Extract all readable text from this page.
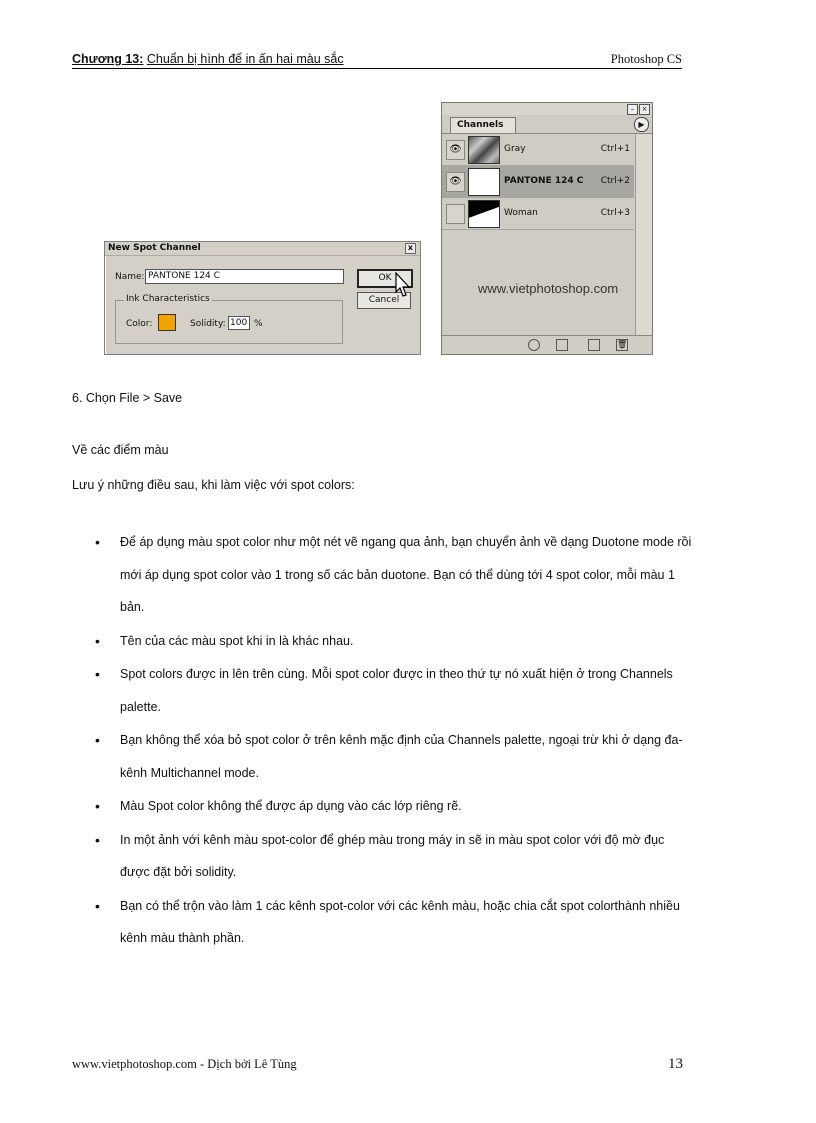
Chương 13: Chuẩn bị hình để in ấn hai màu sắc	Photoshop CS
New Spot Channel	x
Name: PANTONE 124 C	OK
Cancel
Ink Characteristics
Color:	Solidity: 100 %
–	×
Channels	▶
👁	Gray	Ctrl+1
👁	PANTONE 124 C Ctrl+2
Woman	Ctrl+3
www.vietphotoshop.com
🗑
6. Chọn File > Save
Về các điểm màu
Lưu ý những điều sau, khi làm việc với spot colors:
• Để áp dụng màu spot color như một nét vẽ ngang qua ảnh, bạn chuyển ảnh về dạng Duotone mode rồi mới áp dụng spot color vào 1 trong số các bản duotone. Bạn có thể dùng tới 4 spot color, mỗi màu 1 bản.
• Tên của các màu spot khi in là khác nhau.
• Spot colors được in lên trên cùng. Mỗi spot color được in theo thứ tự nó xuất hiện ở trong Channels palette.
• Bạn không thể xóa bỏ spot color ở trên kênh mặc định của Channels palette, ngoại trừ khi ở dạng đa-kênh Multichannel mode.
• Màu Spot color không thể được áp dụng vào các lớp riêng rẽ.
• In một ảnh với kênh màu spot-color để ghép màu trong máy in sẽ in màu spot color với độ mờ đục được đặt bởi solidity.
• Bạn có thể trộn vào làm 1 các kênh spot-color với các kênh màu, hoặc chia cắt spot colorthành nhiều kênh màu thành phần.
www.vietphotoshop.com - Dịch bởi Lê Tùng	13
